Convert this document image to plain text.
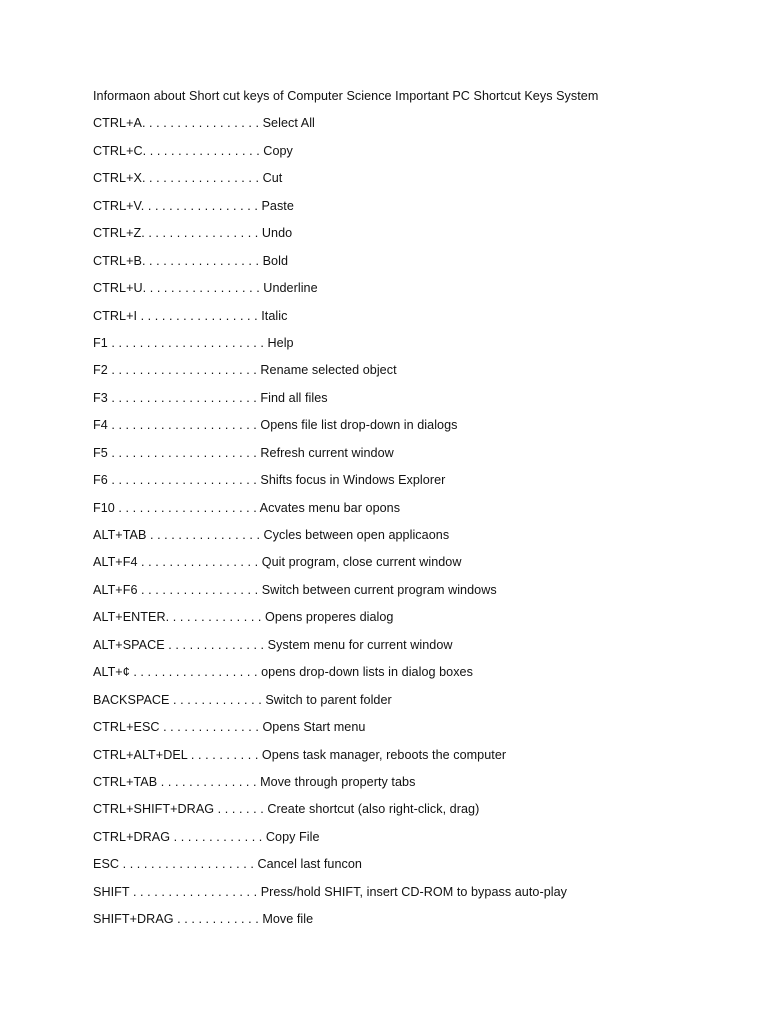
Informaon about Short cut keys of Computer Science Important PC Shortcut Keys System
CTRL+A. . . . . . . . . . . . . . . . . Select All
CTRL+C. . . . . . . . . . . . . . . . . Copy
CTRL+X. . . . . . . . . . . . . . . . . Cut
CTRL+V. . . . . . . . . . . . . . . . . Paste
CTRL+Z. . . . . . . . . . . . . . . . . Undo
CTRL+B. . . . . . . . . . . . . . . . . Bold
CTRL+U. . . . . . . . . . . . . . . . . Underline
CTRL+I . . . . . . . . . . . . . . . . . Italic
F1 . . . . . . . . . . . . . . . . . . . . . . Help
F2 . . . . . . . . . . . . . . . . . . . . . Rename selected object
F3 . . . . . . . . . . . . . . . . . . . . . Find all files
F4 . . . . . . . . . . . . . . . . . . . . . Opens file list drop-down in dialogs
F5 . . . . . . . . . . . . . . . . . . . . . Refresh current window
F6 . . . . . . . . . . . . . . . . . . . . . Shifts focus in Windows Explorer
F10 . . . . . . . . . . . . . . . . . . . . Acvates menu bar opons
ALT+TAB . . . . . . . . . . . . . . . . Cycles between open applicaons
ALT+F4 . . . . . . . . . . . . . . . . . Quit program, close current window
ALT+F6 . . . . . . . . . . . . . . . . . Switch between current program windows
ALT+ENTER. . . . . . . . . . . . . . Opens properes dialog
ALT+SPACE . . . . . . . . . . . . . . System menu for current window
ALT+¢ . . . . . . . . . . . . . . . . . . opens drop-down lists in dialog boxes
BACKSPACE . . . . . . . . . . . . . Switch to parent folder
CTRL+ESC . . . . . . . . . . . . . . Opens Start menu
CTRL+ALT+DEL . . . . . . . . . . Opens task manager, reboots the computer
CTRL+TAB . . . . . . . . . . . . . . Move through property tabs
CTRL+SHIFT+DRAG . . . . . . . Create shortcut (also right-click, drag)
CTRL+DRAG . . . . . . . . . . . . . Copy File
ESC . . . . . . . . . . . . . . . . . . . Cancel last funcon
SHIFT . . . . . . . . . . . . . . . . . . Press/hold SHIFT, insert CD-ROM to bypass auto-play
SHIFT+DRAG . . . . . . . . . . . . Move file
